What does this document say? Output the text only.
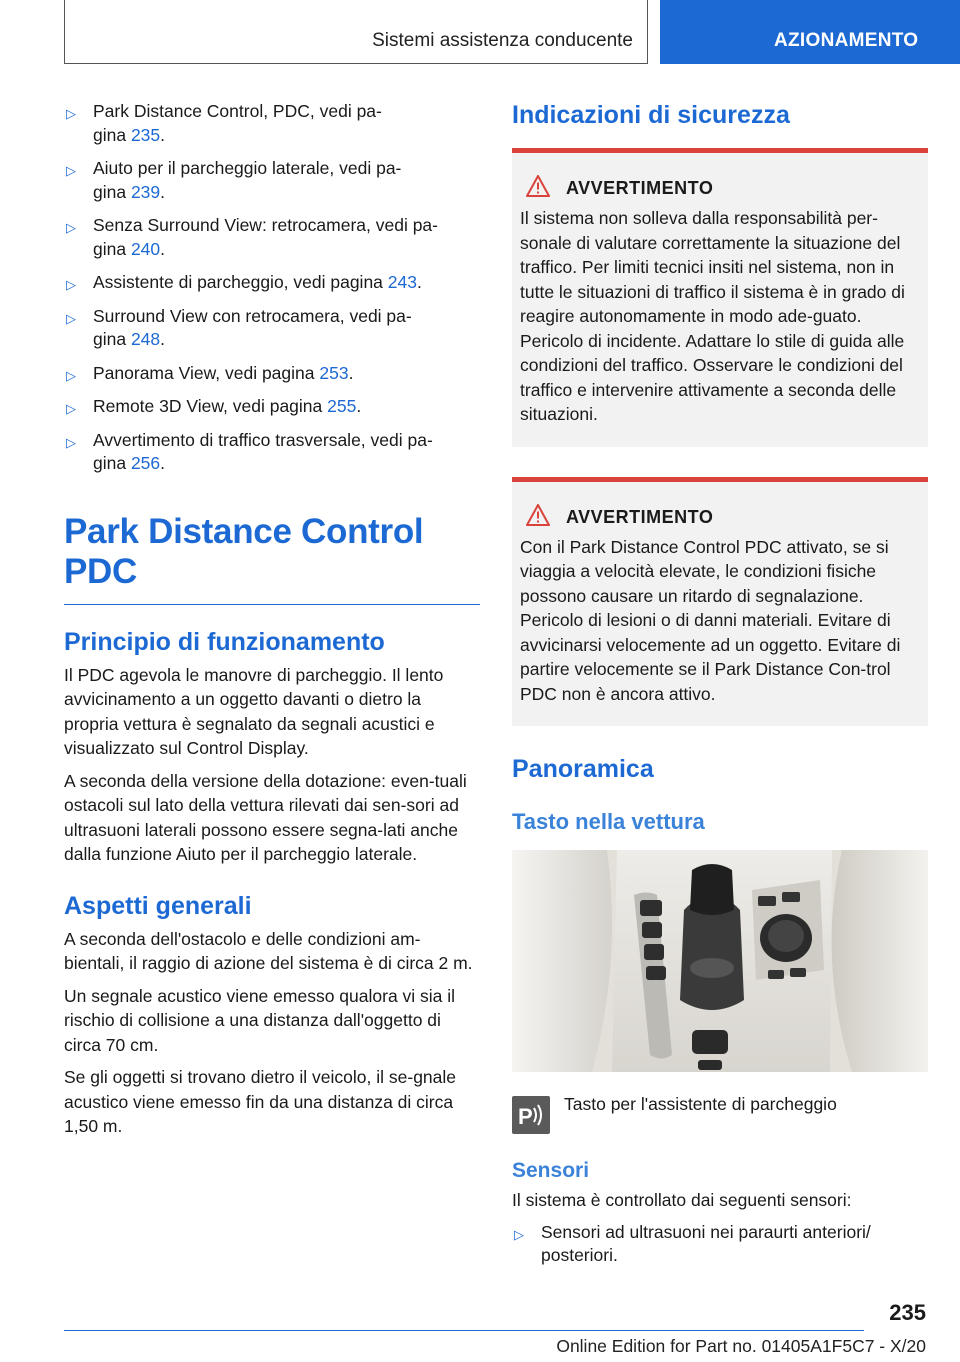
Sistemi assistenza conducente	AZIONAMENTO
▷ Park Distance Control, PDC, vedi pa-
gina 235.
▷ Aiuto per il parcheggio laterale, vedi pa-
gina 239.
▷ Senza Surround View: retrocamera, vedi pa-
gina 240.
▷ Assistente di parcheggio, vedi pagina 243.
▷ Surround View con retrocamera, vedi pa-
gina 248.
▷ Panorama View, vedi pagina 253.
▷ Remote 3D View, vedi pagina 255.
▷ Avvertimento di traffico trasversale, vedi pa-
gina 256.
Park Distance Control PDC
Principio di funzionamento

Il PDC agevola le manovre di parcheggio. Il lento avvicinamento a un oggetto davanti o dietro la propria vettura è segnalato da segnali acustici e visualizzato sul Control Display.

A seconda della versione della dotazione: even-tuali ostacoli sul lato della vettura rilevati dai sen-sori ad ultrasuoni laterali possono essere segna-lati anche dalla funzione Aiuto per il parcheggio laterale.

Aspetti generali

A seconda dell'ostacolo e delle condizioni am-bientali, il raggio di azione del sistema è di circa 2 m.

Un segnale acustico viene emesso qualora vi sia il rischio di collisione a una distanza dall'oggetto di circa 70 cm.

Se gli oggetti si trovano dietro il veicolo, il se-gnale acustico viene emesso fin da una distanza di circa 1,50 m.

Indicazioni di sicurezza
AVVERTIMENTO

Il sistema non solleva dalla responsabilità per-sonale di valutare correttamente la situazione del traffico. Per limiti tecnici insiti nel sistema, non in tutte le situazioni di traffico il sistema è in grado di reagire autonomamente in modo ade-guato. Pericolo di incidente. Adattare lo stile di guida alle condizioni del traffico. Osservare le condizioni del traffico e intervenire attivamente a seconda delle situazioni.

AVVERTIMENTO

Con il Park Distance Control PDC attivato, se si viaggia a velocità elevate, le condizioni fisiche possono causare un ritardo di segnalazione. Pericolo di lesioni o di danni materiali. Evitare di avvicinarsi velocemente ad un oggetto. Evitare di partire velocemente se il Park Distance Con-trol PDC non è ancora attivo.

Panoramica
Tasto nella vettura
P Tasto per l'assistente di parcheggio

Sensori

Il sistema è controllato dai seguenti sensori:

▷ Sensori ad ultrasuoni nei paraurti anteriori/ posteriori.
235
Online Edition for Part no. 01405A1F5C7 - X/20
